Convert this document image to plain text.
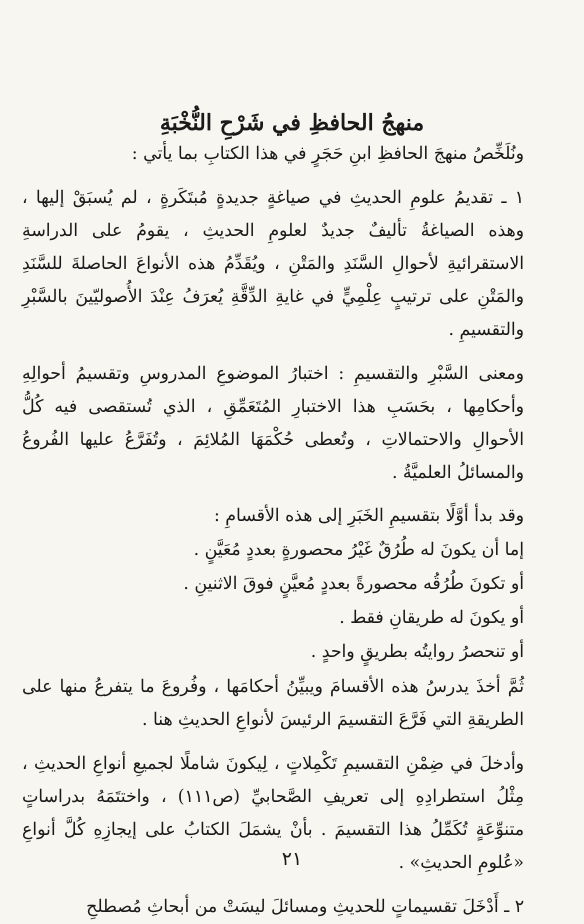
منهجُ الحافظِ في شَرْحِ النُّخْبَةِ

ونُلَخِّصُ منهجَ الحافظِ ابنِ حَجَرٍ في هذا الكتابِ بما يأتي :

١ ـ تقديمُ علومِ الحديثِ في صياغةٍ جديدةٍ مُبتَكَرةٍ ، لم يُسبَقْ إليها ، وهذه الصياغةُ تأليفٌ جديدٌ لعلومِ الحديثِ ، يقومُ على الدراسةِ الاستقرائيةِ لأحوالِ السَّنَدِ والمَتْنِ ، ويُقَدِّمُ هذه الأنواعَ الحاصلةَ للسَّنَدِ والمَتْنِ على ترتيبٍ عِلْمِيٍّ في غايةِ الدِّقَّةِ يُعرَفُ عِنْدَ الأُصوليّينَ بالسَّبْرِ والتقسيمِ .

ومعنى السَّبْرِ والتقسيمِ : اختبارُ الموضوعِ المدروسِ وتقسيمُ أحوالِهِ وأحكامِها ، بحَسَبِ هذا الاختبارِ المُتَعَمِّقِ ، الذي تُستقصى فيه كُلُّ الأحوالِ والاحتمالاتِ ، وتُعطى حُكْمَهَا المُلائِمَ ، وتُفَرَّعُ عليها الفُروعُ والمسائلُ العلميَّةُ .

وقد بدأ أوَّلًا بتقسيمِ الخَبَرِ إلى هذه الأقسامِ :

إما أن يكونَ له طُرُقٌ غَيْرُ محصورةٍ بعددٍ مُعَيَّنٍ .

أو تكونَ طُرُقُه محصورةً بعددٍ مُعيَّنٍ فوقَ الاثنينِ .

أو يكونَ له طريقانِ فقط .

أو تنحصرُ روايتُه بطريقٍ واحدٍ .

ثُمَّ أخذَ يدرسُ هذه الأقسامَ ويبيِّنُ أحكامَها ، وفُروعَ ما يتفرعُ منها على الطريقةِ التي فَرَّعَ التقسيمَ الرئيسَ لأنواعِ الحديثِ هنا .

وأدخلَ في ضِمْنِ التقسيمِ تَكْمِلاتٍ ، لِيكونَ شاملًا لجميعِ أنواعِ الحديثِ ، مِثْلُ استطرادِهِ إلى تعريفِ الصَّحابيِّ (ص١١١) ، واختتَمَهُ بدراساتٍ متنوِّعَةٍ تُكَمِّلُ هذا التقسيمَ . بأنْ يشمَلَ الكتابُ على إيجازِهِ كُلَّ أنواعِ «عُلومِ الحديثِ» .

٢ ـ أَدْخَلَ تقسيماتٍ للحديثِ ومسائلَ ليسَتْ من أبحاثِ مُصطلحِ

٢١
